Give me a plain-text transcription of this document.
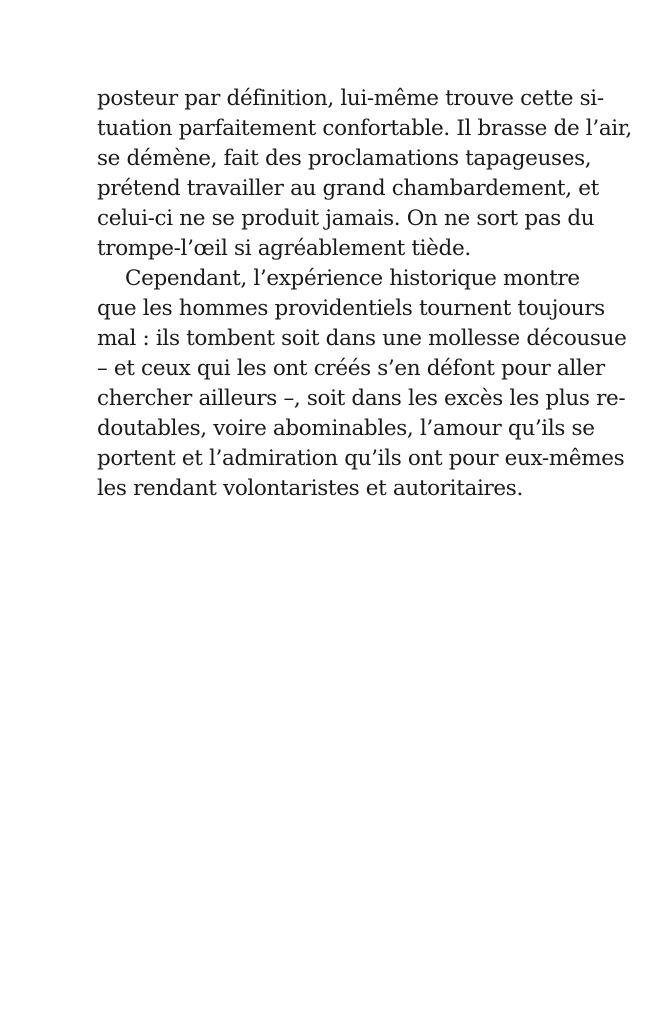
posteur par définition, lui-même trouve cette si-
tuation parfaitement confortable. Il brasse de l’air,
se démène, fait des proclamations tapageuses,
prétend travailler au grand chambardement, et
celui-ci ne se produit jamais. On ne sort pas du
trompe-l’œil si agréablement tiède.
Cependant, l’expérience historique montre
que les hommes providentiels tournent toujours
mal : ils tombent soit dans une mollesse décousue
– et ceux qui les ont créés s’en défont pour aller
chercher ailleurs –, soit dans les excès les plus re-
doutables, voire abominables, l’amour qu’ils se
portent et l’admiration qu’ils ont pour eux-mêmes
les rendant volontaristes et autoritaires.
